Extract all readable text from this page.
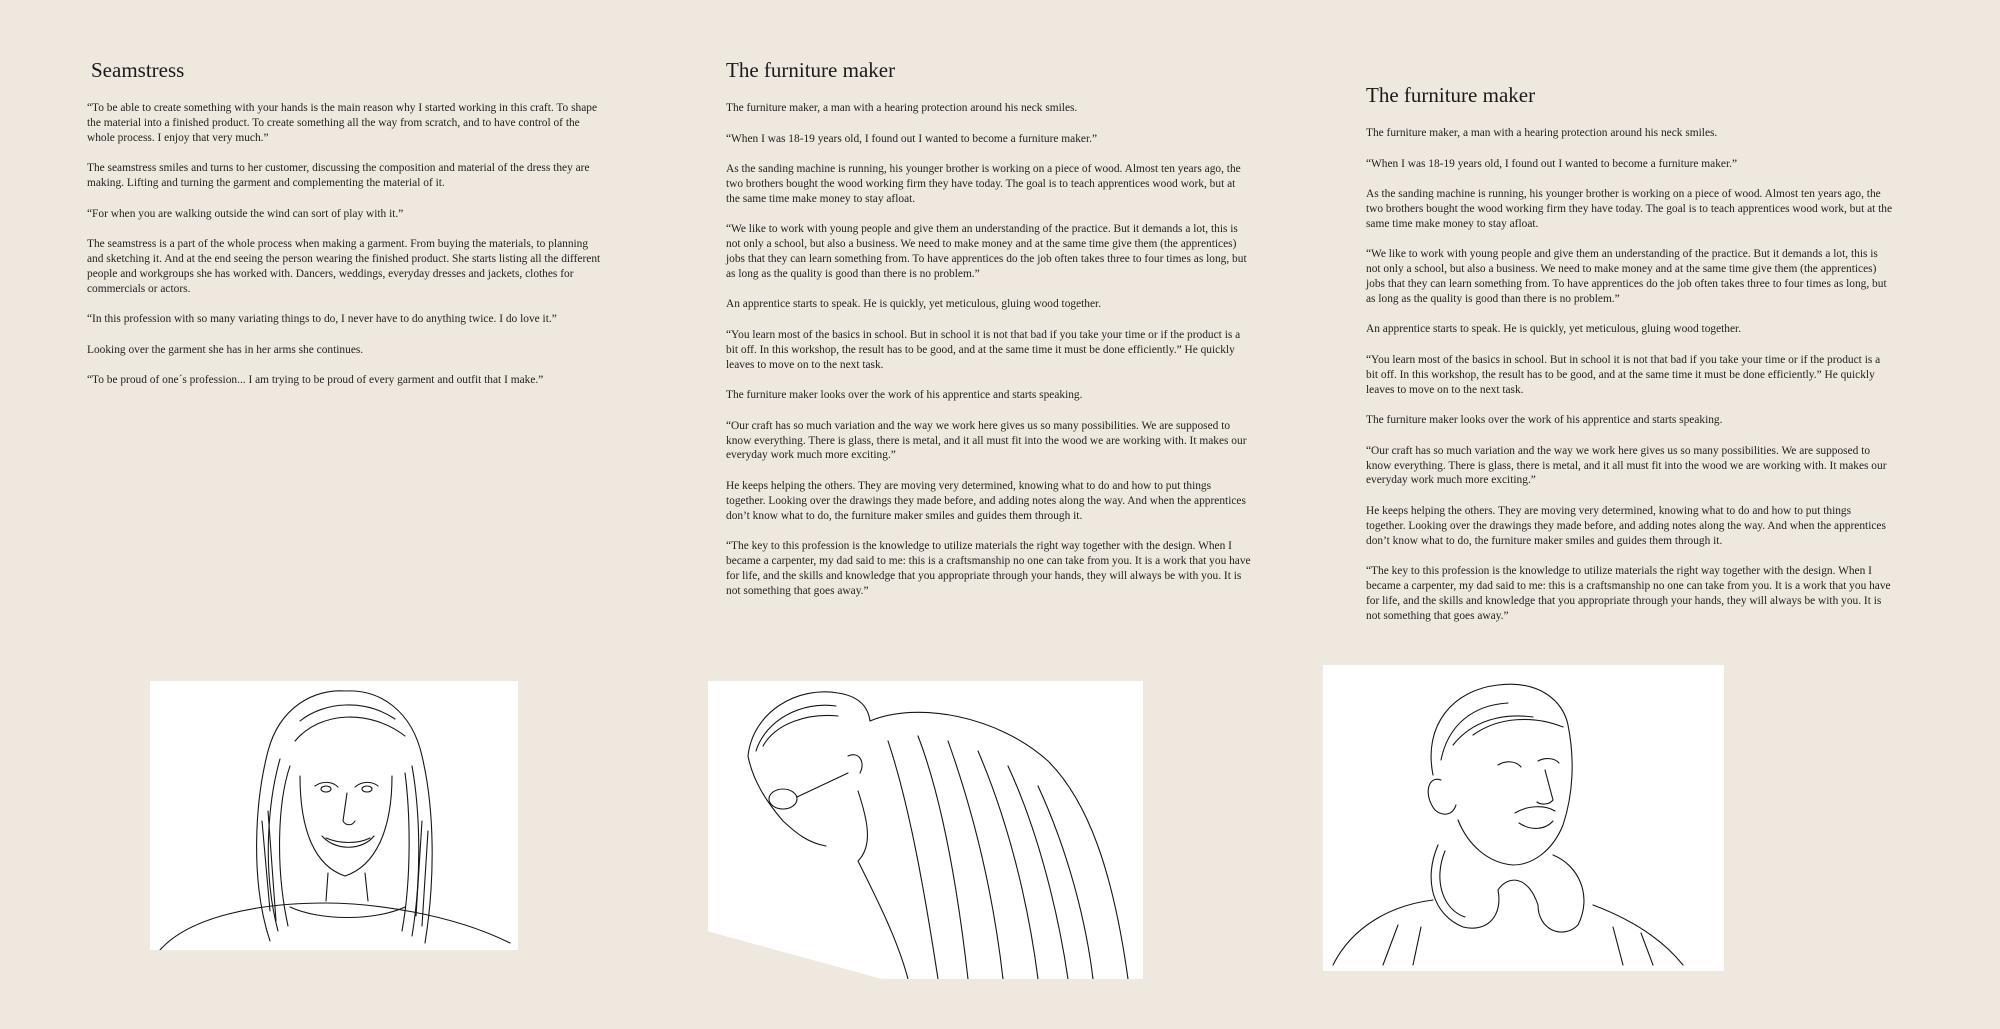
Seamstress

“To be able to create something with your hands is the main reason why I started working in this craft. To shape the material into a finished product. To create something all the way from scratch, and to have control of the whole process. I enjoy that very much.”

The seamstress smiles and turns to her customer, discussing the composition and material of the dress they are making. Lifting and turning the garment and complementing the material of it.

“For when you are walking outside the wind can sort of play with it.”

The seamstress is a part of the whole process when making a garment. From buying the materials, to planning and sketching it. And at the end seeing the person wearing the finished product. She starts listing all the different people and workgroups she has worked with. Dancers, weddings, everyday dresses and jackets, clothes for commercials or actors.

“In this profession with so many variating things to do, I never have to do anything twice. I do love it.”

Looking over the garment she has in her arms she continues.

“To be proud of one´s profession... I am trying to be proud of every garment and outfit that I make.”

The furniture maker

The furniture maker, a man with a hearing protection around his neck smiles.

“When I was 18-19 years old, I found out I wanted to become a furniture maker.”

As the sanding machine is running, his younger brother is working on a piece of wood. Almost ten years ago, the two brothers bought the wood working firm they have today. The goal is to teach apprentices wood work, but at the same time make money to stay afloat.

“We like to work with young people and give them an understanding of the practice. But it demands a lot, this is not only a school, but also a business. We need to make money and at the same time give them (the apprentices) jobs that they can learn something from. To have apprentices do the job often takes three to four times as long, but as long as the quality is good than there is no problem.”

An apprentice starts to speak. He is quickly, yet meticulous, gluing wood together.

“You learn most of the basics in school. But in school it is not that bad if you take your time or if the product is a bit off. In this workshop, the result has to be good, and at the same time it must be done efficiently.” He quickly leaves to move on to the next task.

The furniture maker looks over the work of his apprentice and starts speaking.

“Our craft has so much variation and the way we work here gives us so many possibilities. We are supposed to know everything. There is glass, there is metal, and it all must fit into the wood we are working with. It makes our everyday work much more exciting.”

He keeps helping the others. They are moving very determined, knowing what to do and how to put things together. Looking over the drawings they made before, and adding notes along the way. And when the apprentices don’t know what to do, the furniture maker smiles and guides them through it.

“The key to this profession is the knowledge to utilize materials the right way together with the design. When I became a carpenter, my dad said to me: this is a craftsmanship no one can take from you. It is a work that you have for life, and the skills and knowledge that you appropriate through your hands, they will always be with you. It is not something that goes away.”

The furniture maker

The furniture maker, a man with a hearing protection around his neck smiles.

“When I was 18-19 years old, I found out I wanted to become a furniture maker.”

As the sanding machine is running, his younger brother is working on a piece of wood. Almost ten years ago, the two brothers bought the wood working firm they have today. The goal is to teach apprentices wood work, but at the same time make money to stay afloat.

“We like to work with young people and give them an understanding of the practice. But it demands a lot, this is not only a school, but also a business. We need to make money and at the same time give them (the apprentices) jobs that they can learn something from. To have apprentices do the job often takes three to four times as long, but as long as the quality is good than there is no problem.”

An apprentice starts to speak. He is quickly, yet meticulous, gluing wood together.

“You learn most of the basics in school. But in school it is not that bad if you take your time or if the product is a bit off. In this workshop, the result has to be good, and at the same time it must be done efficiently.” He quickly leaves to move on to the next task.

The furniture maker looks over the work of his apprentice and starts speaking.

“Our craft has so much variation and the way we work here gives us so many possibilities. We are supposed to know everything. There is glass, there is metal, and it all must fit into the wood we are working with. It makes our everyday work much more exciting.”

He keeps helping the others. They are moving very determined, knowing what to do and how to put things together. Looking over the drawings they made before, and adding notes along the way. And when the apprentices don’t know what to do, the furniture maker smiles and guides them through it.

“The key to this profession is the knowledge to utilize materials the right way together with the design. When I became a carpenter, my dad said to me: this is a craftsmanship no one can take from you. It is a work that you have for life, and the skills and knowledge that you appropriate through your hands, they will always be with you. It is not something that goes away.”
